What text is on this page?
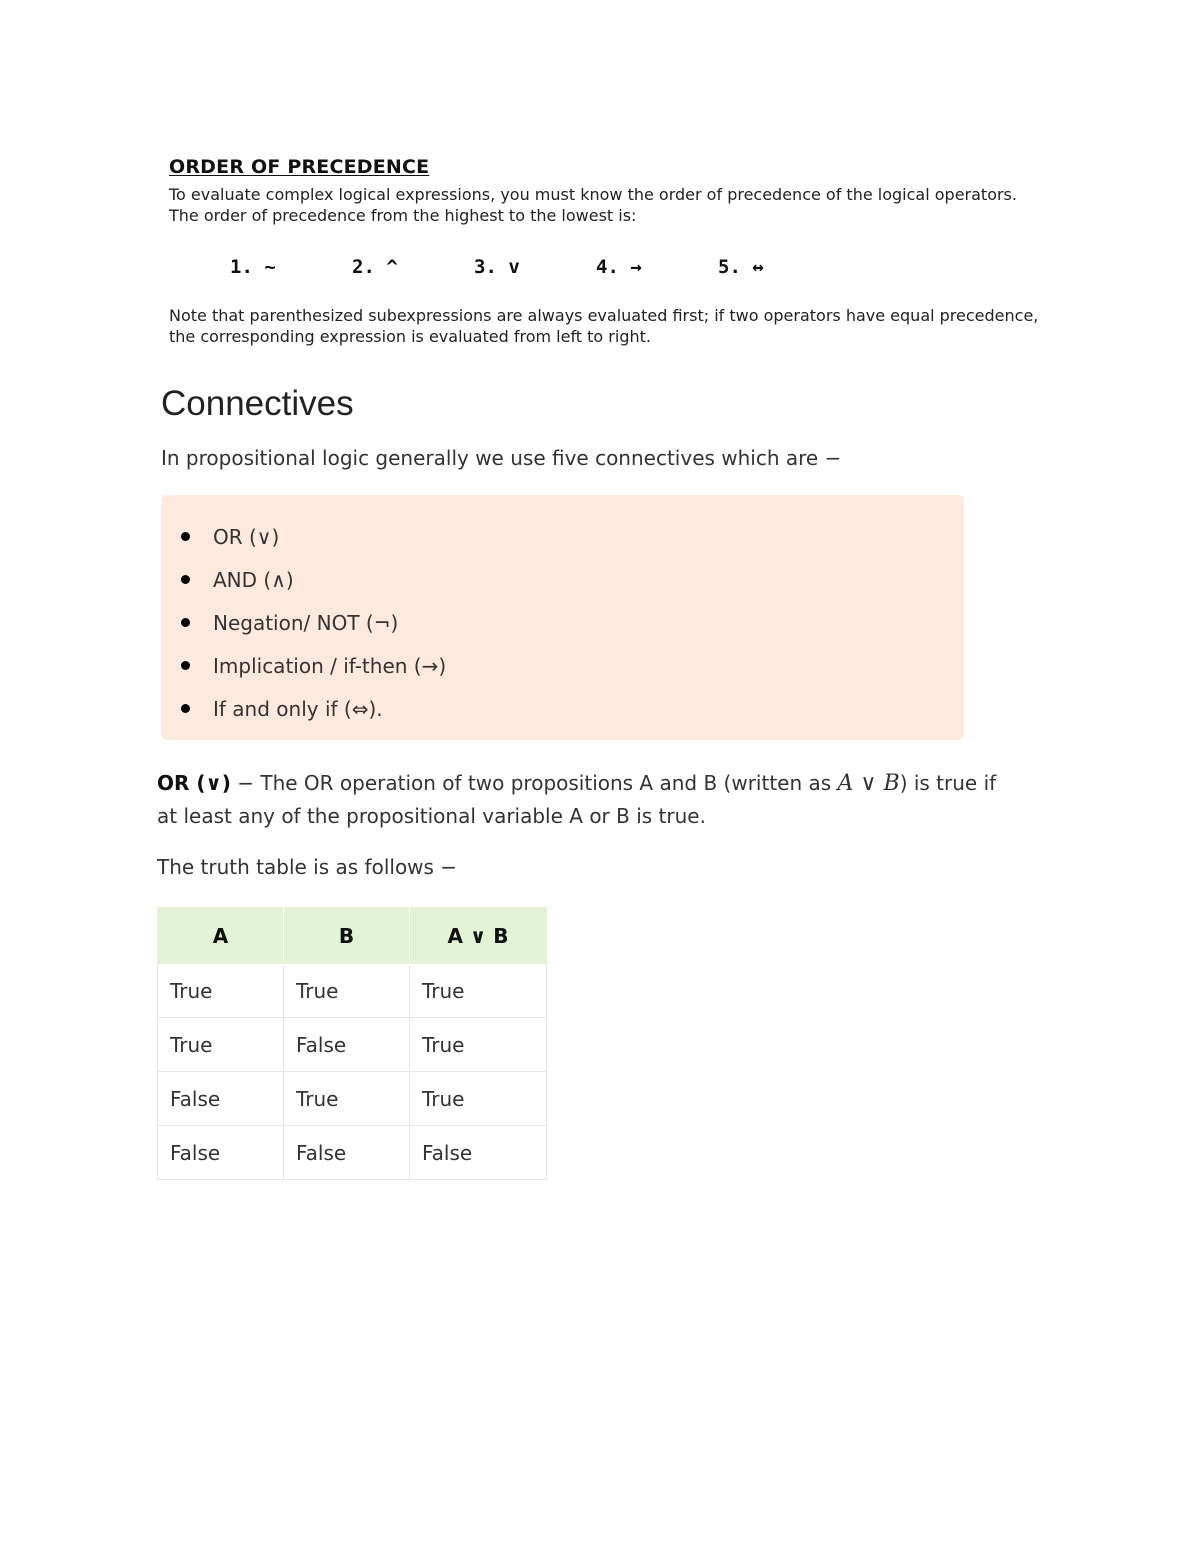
ORDER OF PRECEDENCE
To evaluate complex logical expressions, you must know the order of precedence of the logical operators. The order of precedence from the highest to the lowest is:
1. ~	2. ^	3. v	4. →	5. ↔
Note that parenthesized subexpressions are always evaluated first; if two operators have equal precedence, the corresponding expression is evaluated from left to right.
Connectives
In propositional logic generally we use five connectives which are −
OR (∨)
AND (∧)
Negation/ NOT (¬)
Implication / if-then (→)
If and only if (⇔).

OR (∨) − The OR operation of two propositions A and B (written as A ∨ B) is true if at least any of the propositional variable A or B is true.

The truth table is as follows −
A	B	A ∨ B
True	True	True
True	False	True
False	True	True
False	False	False
